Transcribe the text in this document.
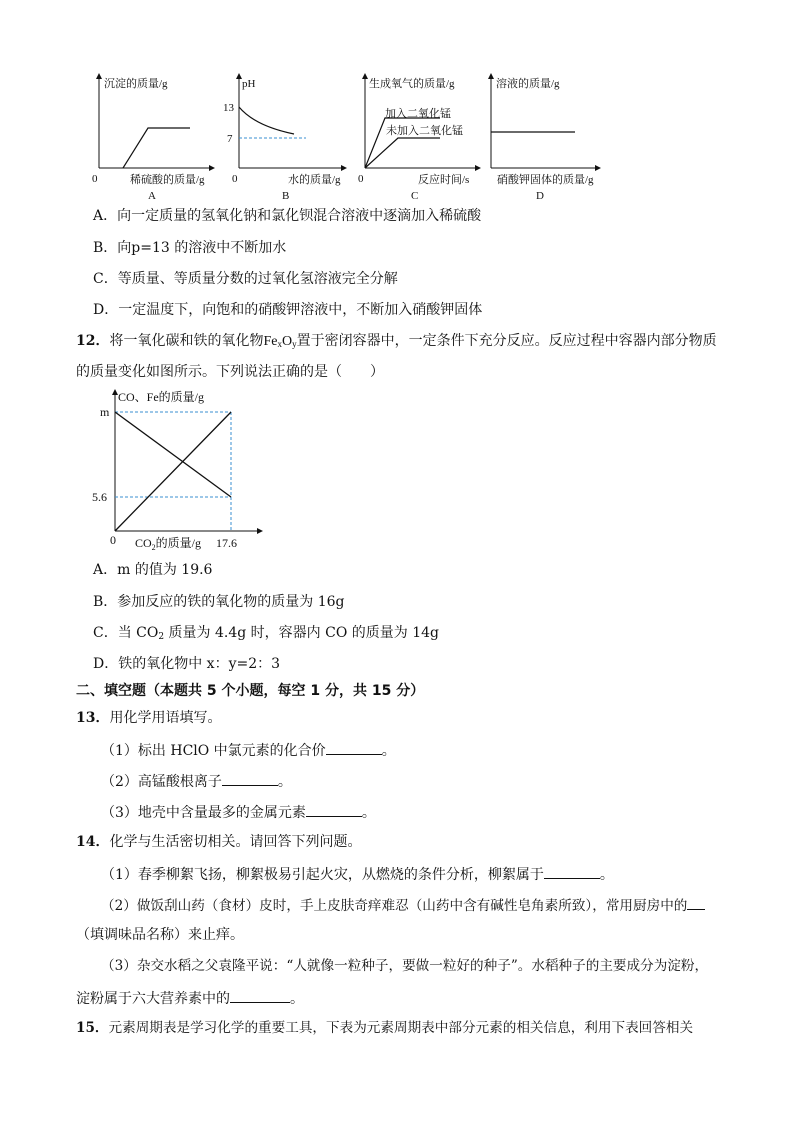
沉淀的质量/g
0	稀硫酸的质量/g
A
pH
13
7
0	水的质量/g
B
生成氧气的质量/g
加入二氧化锰
未加入二氧化锰
0	反应时间/s
C
溶液的质量/g
硝酸钾固体的质量/g
D
A．向一定质量的氢氧化钠和氯化钡混合溶液中逐滴加入稀硫酸
B．向p=13 的溶液中不断加水
C．等质量、等质量分数的过氧化氢溶液完全分解
D．一定温度下，向饱和的硝酸钾溶液中，不断加入硝酸钾固体
12．将一氧化碳和铁的氧化物$Fe_xO_y$置于密闭容器中，一定条件下充分反应。反应过程中容器内部分物质
的质量变化如图所示。下列说法正确的是（　　）
CO、Fe的质量/g
m
5.6
0 $CO_2$的质量/g 17.6
A．m 的值为 19.6
B．参加反应的铁的氧化物的质量为 16g
C．当 $CO_2$ 质量为 4.4g 时，容器内 CO 的质量为 14g
D．铁的氧化物中 x：y=2：3
二、填空题（本题共 5 个小题，每空 1 分，共 15 分）
13．用化学用语填写。
（1）标出 HClO 中氯元素的化合价	。
（2）高锰酸根离子	。
（3）地壳中含量最多的金属元素	。
14．化学与生活密切相关。请回答下列问题。
（1）春季柳絮飞扬，柳絮极易引起火灾，从燃烧的条件分析，柳絮属于	。
（2）做饭刮山药（食材）皮时，手上皮肤奇痒难忍（山药中含有碱性皂角素所致），常用厨房中的
（填调味品名称）来止痒。
（3）杂交水稻之父袁隆平说：“人就像一粒种子，要做一粒好的种子”。水稻种子的主要成分为淀粉，
淀粉属于六大营养素中的	。
15．元素周期表是学习化学的重要工具，下表为元素周期表中部分元素的相关信息，利用下表回答相关
